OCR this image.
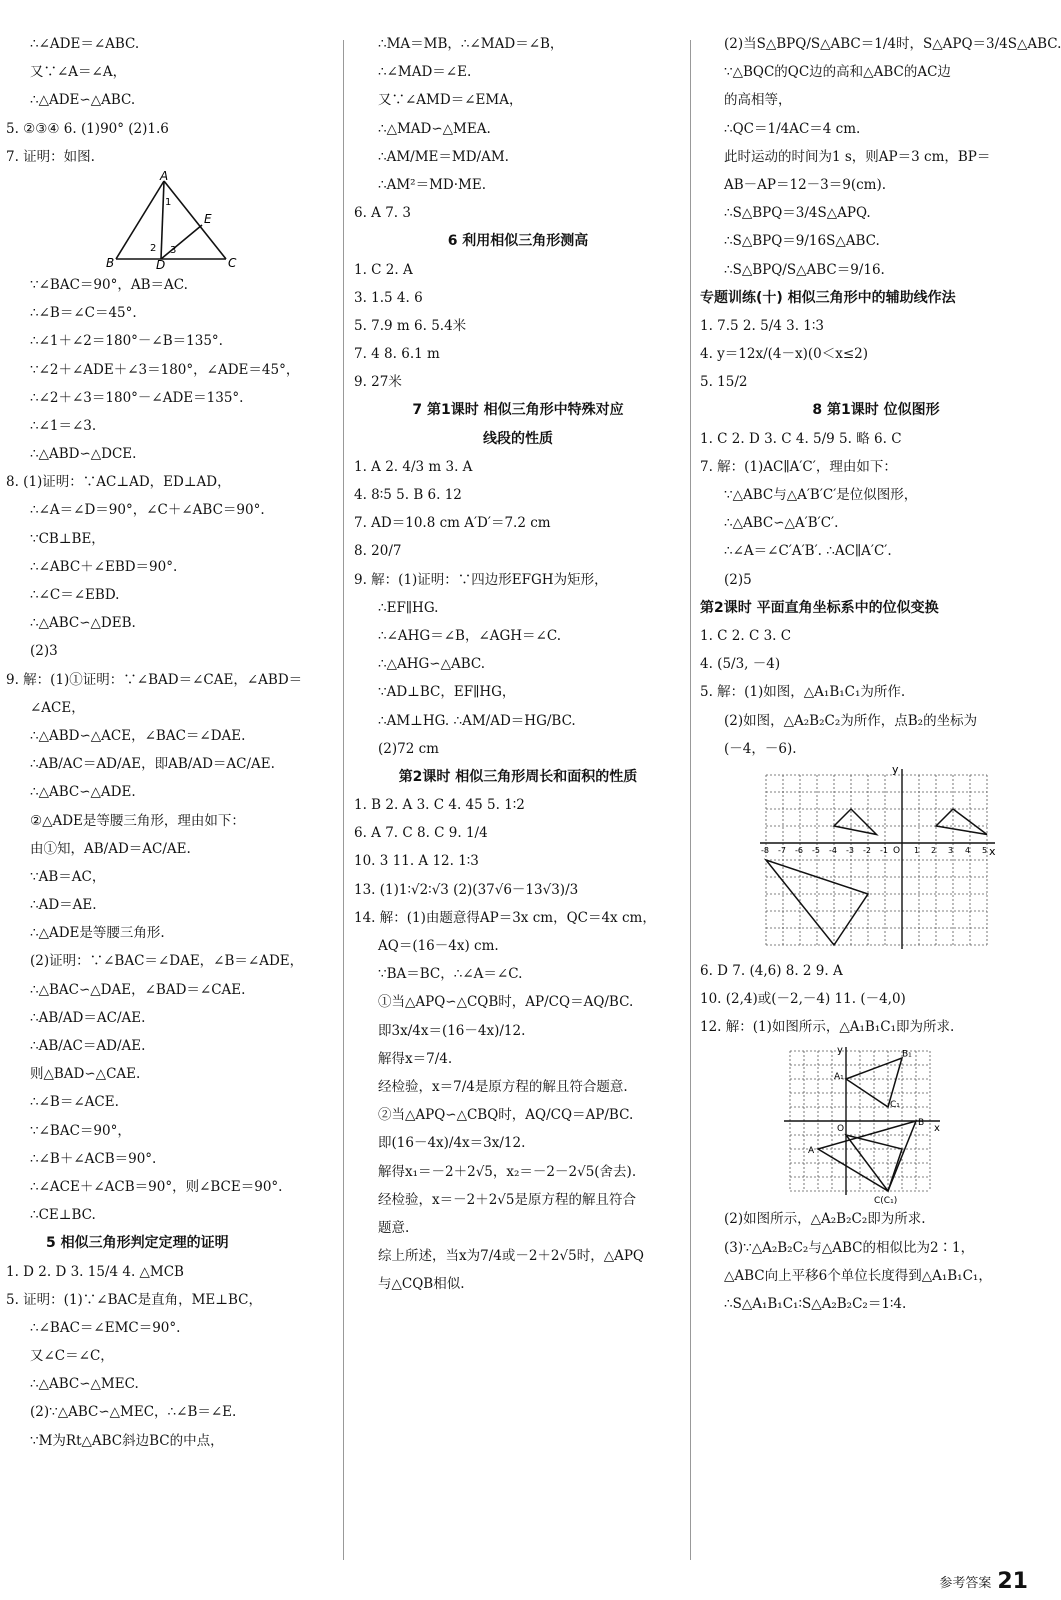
∴∠ADE＝∠ABC.
又∵∠A＝∠A，
∴△ADE∽△ABC.
5. ②③④ 6. (1)90° (2)1.6
7. 证明：如图.
A
E
B	D	C
1
2 3
∵∠BAC＝90°，AB＝AC.
∴∠B＝∠C＝45°.
∴∠1＋∠2＝180°－∠B＝135°.
∵∠2＋∠ADE＋∠3＝180°，∠ADE＝45°，
∴∠2＋∠3＝180°－∠ADE＝135°.
∴∠1＝∠3.
∴△ABD∽△DCE.
8. (1)证明：∵AC⊥AD，ED⊥AD，
∴∠A＝∠D＝90°，∠C＋∠ABC＝90°.
∵CB⊥BE，
∴∠ABC＋∠EBD＝90°.
∴∠C＝∠EBD.
∴△ABC∽△DEB.
(2)3
9. 解：(1)①证明：∵∠BAD＝∠CAE，∠ABD＝
∠ACE，
∴△ABD∽△ACE，∠BAC＝∠DAE.
∴AB/AC＝AD/AE，即AB/AD＝AC/AE.
∴△ABC∽△ADE.
②△ADE是等腰三角形，理由如下：
由①知，AB/AD＝AC/AE.
∵AB＝AC，
∴AD＝AE.
∴△ADE是等腰三角形.
(2)证明：∵∠BAC＝∠DAE，∠B＝∠ADE，
∴△BAC∽△DAE，∠BAD＝∠CAE.
∴AB/AD＝AC/AE.
∴AB/AC＝AD/AE.
则△BAD∽△CAE.
∴∠B＝∠ACE.
∵∠BAC＝90°，
∴∠B＋∠ACB＝90°.
∴∠ACE＋∠ACB＝90°，则∠BCE＝90°.
∴CE⊥BC.
5 相似三角形判定定理的证明
1. D 2. D 3. 15/4 4. △MCB
5. 证明：(1)∵∠BAC是直角，ME⊥BC，
∴∠BAC＝∠EMC＝90°.
又∠C＝∠C，
∴△ABC∽△MEC.
(2)∵△ABC∽△MEC，∴∠B＝∠E.
∵M为Rt△ABC斜边BC的中点，
∴MA＝MB，∴∠MAD＝∠B，
∴∠MAD＝∠E.
又∵∠AMD＝∠EMA，
∴△MAD∽△MEA.
∴AM/ME＝MD/AM.
∴AM²＝MD·ME.
6. A 7. 3
6 利用相似三角形测高
1. C 2. A
3. 1.5 4. 6
5. 7.9 m 6. 5.4米
7. 4 8. 6.1 m
9. 27米
7 第1课时 相似三角形中特殊对应
线段的性质
1. A 2. 4/3 m 3. A
4. 8∶5 5. B 6. 12
7. AD＝10.8 cm A′D′＝7.2 cm
8. 20/7
9. 解：(1)证明：∵四边形EFGH为矩形，
∴EF∥HG.
∴∠AHG＝∠B，∠AGH＝∠C.
∴△AHG∽△ABC.
∵AD⊥BC，EF∥HG，
∴AM⊥HG. ∴AM/AD＝HG/BC.
(2)72 cm
第2课时 相似三角形周长和面积的性质
1. B 2. A 3. C 4. 45 5. 1∶2
6. A 7. C 8. C 9. 1/4
10. 3 11. A 12. 1∶3
13. (1)1∶√2∶√3 (2)(37√6－13√3)/3
14. 解：(1)由题意得AP＝3x cm，QC＝4x cm，
AQ＝(16－4x) cm.
∵BA＝BC，∴∠A＝∠C.
①当△APQ∽△CQB时，AP/CQ＝AQ/BC.
即3x/4x＝(16－4x)/12.
解得x＝7/4.
经检验，x＝7/4是原方程的解且符合题意.
②当△APQ∽△CBQ时，AQ/CQ＝AP/BC.
即(16－4x)/4x＝3x/12.
解得x₁＝－2＋2√5，x₂＝－2－2√5(舍去).
经检验，x＝－2＋2√5是原方程的解且符合
题意.
综上所述，当x为7/4或－2＋2√5时，△APQ
与△CQB相似.
(2)当S△BPQ/S△ABC＝1/4时，S△APQ＝3/4S△ABC.
∵△BQC的QC边的高和△ABC的AC边
的高相等，
∴QC＝1/4AC＝4 cm.
此时运动的时间为1 s，则AP＝3 cm，BP＝
AB－AP＝12－3＝9(cm).
∴S△BPQ＝3/4S△APQ.
∴S△BPQ＝9/16S△ABC.
∴S△BPQ/S△ABC＝9/16.
专题训练(十) 相似三角形中的辅助线作法
1. 7.5 2. 5/4 3. 1∶3
4. y＝12x/(4－x)(0＜x≤2)
5. 15/2
8 第1课时 位似图形
1. C 2. D 3. C 4. 5/9 5. 略 6. C
7. 解：(1)AC∥A′C′，理由如下：
∵△ABC与△A′B′C′是位似图形，
∴△ABC∽△A′B′C′.
∴∠A＝∠C′A′B′. ∴AC∥A′C′.
(2)5
第2课时 平面直角坐标系中的位似变换
1. C 2. C 3. C
4. (5/3, －4)
5. 解：(1)如图，△A₁B₁C₁为所作.
(2)如图，△A₂B₂C₂为所作，点B₂的坐标为
(－4，－6).
y
x
O
-8 -7 -6 -5 -4 -3 -2 -1	1 2 3 4 5
6. D 7. (4,6) 8. 2 9. A
10. (2,4)或(－2,－4) 11. (－4,0)
12. 解：(1)如图所示，△A₁B₁C₁即为所求.
y
x
O
B₁
A₁
C₁
A
B
C(C₁)
(2)如图所示，△A₂B₂C₂即为所求.
(3)∵△A₂B₂C₂与△ABC的相似比为2∶1，
△ABC向上平移6个单位长度得到△A₁B₁C₁，
∴S△A₁B₁C₁∶S△A₂B₂C₂＝1∶4.
参考答案 21
